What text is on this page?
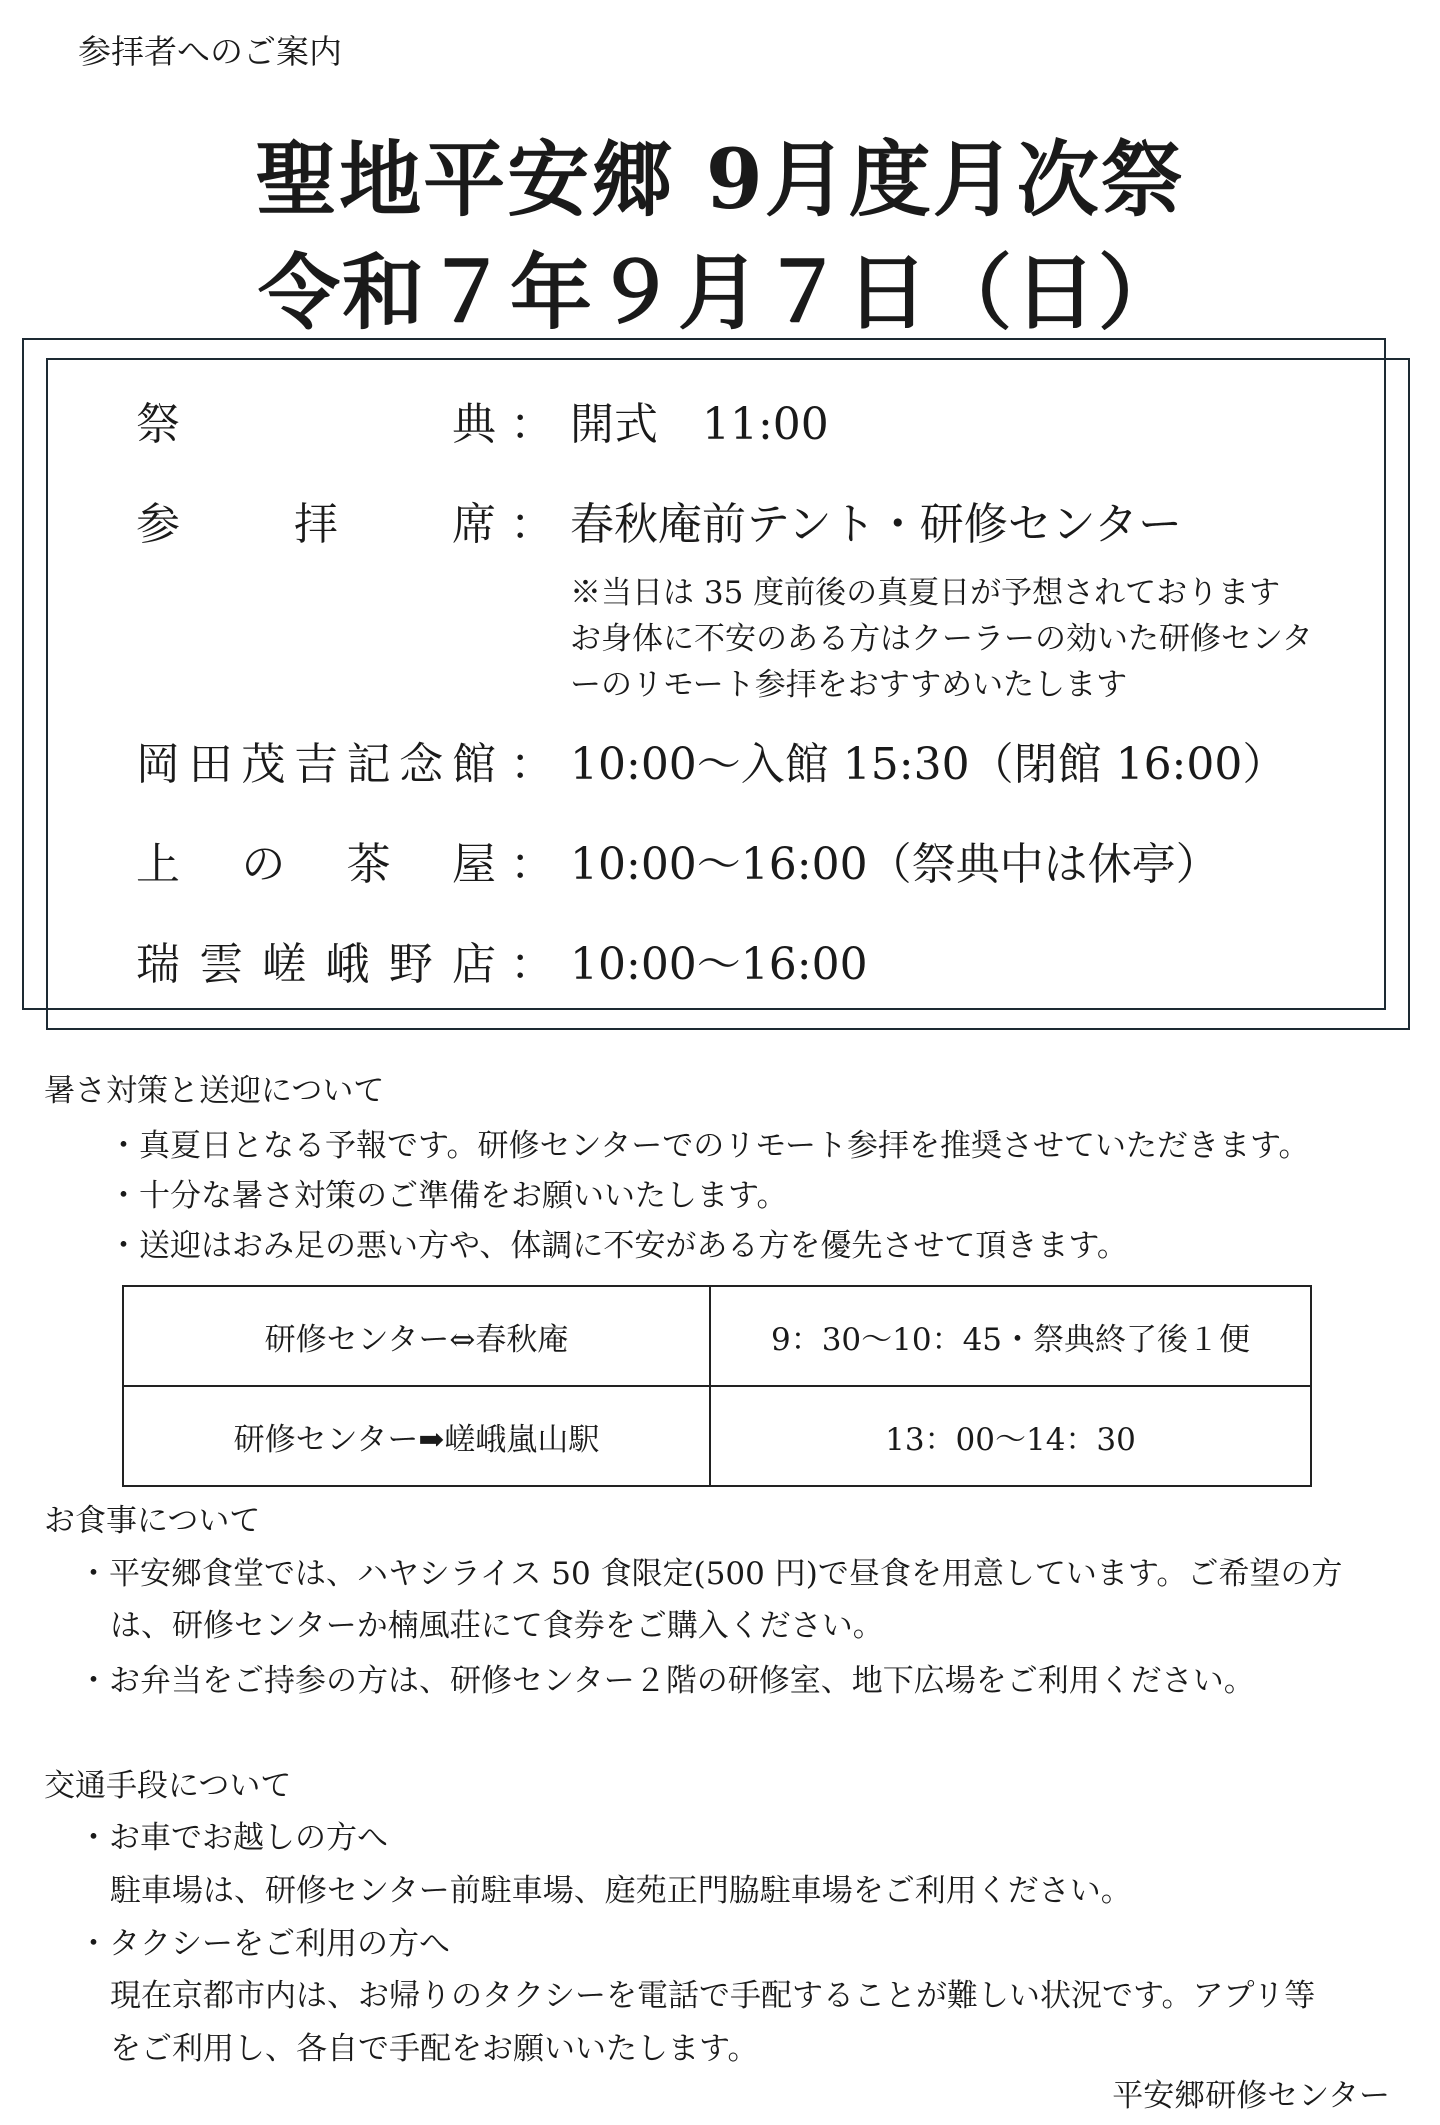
参拝者へのご案内
聖地平安郷 9月度月次祭
令和７年９月７日（日）
祭	典 ： 開式　11:00
参	拝	席 ： 春秋庵前テント・研修センター
※当日は 35 度前後の真夏日が予想されております
お身体に不安のある方はクーラーの効いた研修センタ
ーのリモート参拝をおすすめいたします
岡 田 茂 吉 記 念 館 ： 10:00～入館 15:30（閉館 16:00）
上 の 茶 屋 ： 10:00～16:00（祭典中は休亭）
瑞 雲 嵯 峨 野 店 ： 10:00～16:00
暑さ対策と送迎について
・真夏日となる予報です。研修センターでのリモート参拝を推奨させていただきます。
・十分な暑さ対策のご準備をお願いいたします。
・送迎はおみ足の悪い方や、体調に不安がある方を優先させて頂きます。
研修センター⇔春秋庵	9：30～10：45・祭典終了後１便
研修センター➡嵯峨嵐山駅	13：00～14：30
お食事について
・平安郷食堂では、ハヤシライス 50 食限定(500 円)で昼食を用意しています。ご希望の方
は、研修センターか楠風荘にて食券をご購入ください。
・お弁当をご持参の方は、研修センター２階の研修室、地下広場をご利用ください。
交通手段について
・お車でお越しの方へ
駐車場は、研修センター前駐車場、庭苑正門脇駐車場をご利用ください。
・タクシーをご利用の方へ
現在京都市内は、お帰りのタクシーを電話で手配することが難しい状況です。アプリ等
をご利用し、各自で手配をお願いいたします。
平安郷研修センター
